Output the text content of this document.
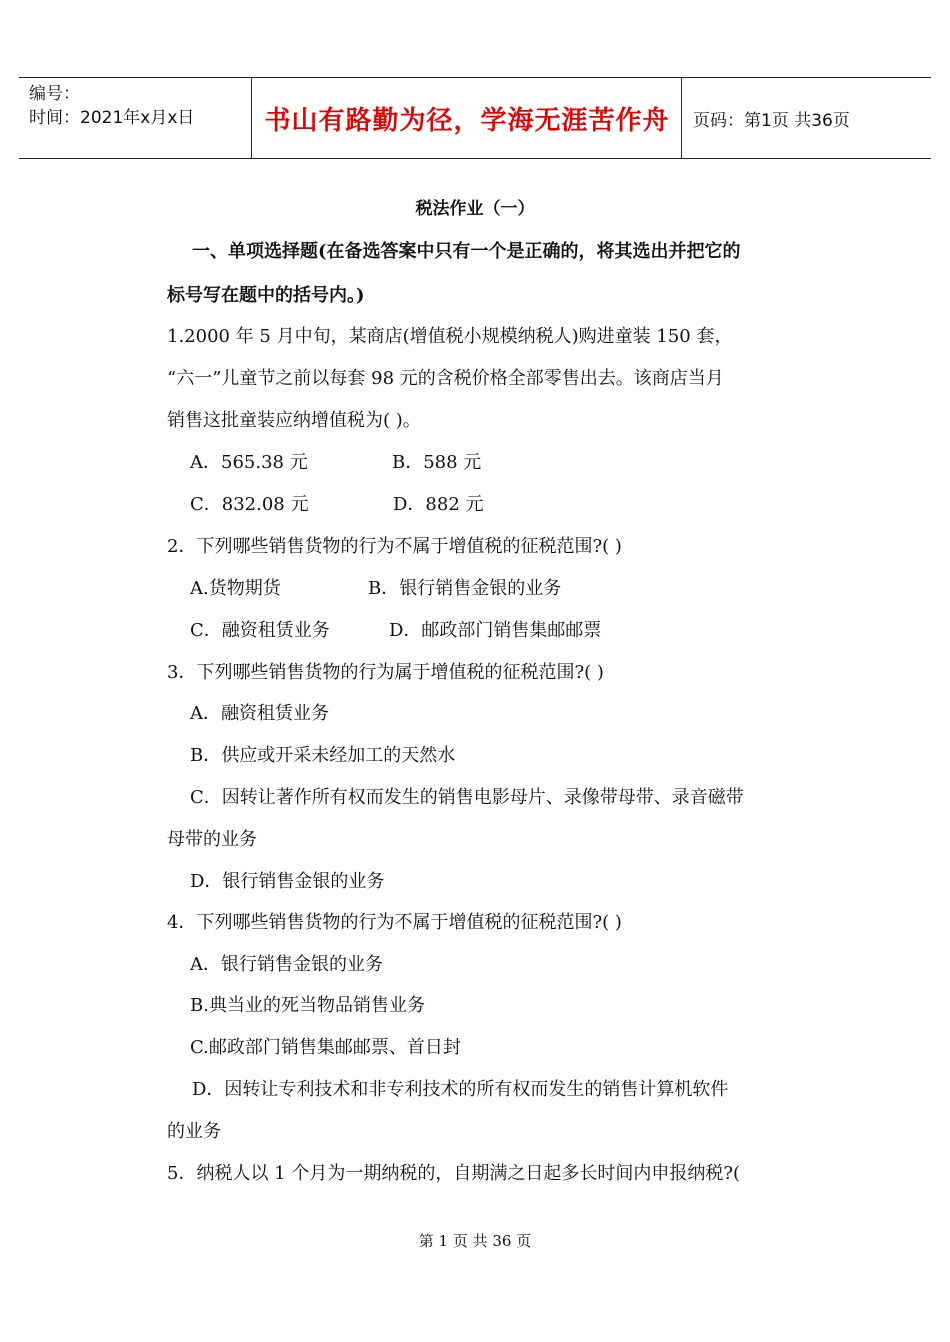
编号：
时间：2021年x月x日	书山有路勤为径，学海无涯苦作舟	页码：第1页 共36页
税法作业（一）
一、单项选择题(在备选答案中只有一个是正确的，将其选出并把它的
标号写在题中的括号内。)
1.2000 年 5 月中旬，某商店(增值税小规模纳税人)购进童装 150 套，
“六一”儿童节之前以每套 98 元的含税价格全部零售出去。该商店当月
销售这批童装应纳增值税为( )。
A．565.38 元	B．588 元
C．832.08 元	D．882 元
2．下列哪些销售货物的行为不属于增值税的征税范围?( )
A.货物期货	B．银行销售金银的业务
C．融资租赁业务	D．邮政部门销售集邮邮票
3．下列哪些销售货物的行为属于增值税的征税范围?( )
A．融资租赁业务
B．供应或开采未经加工的天然水
C．因转让著作所有权而发生的销售电影母片、录像带母带、录音磁带
母带的业务
D．银行销售金银的业务
4．下列哪些销售货物的行为不属于增值税的征税范围?( )
A．银行销售金银的业务
B.典当业的死当物品销售业务
C.邮政部门销售集邮邮票、首日封
D．因转让专利技术和非专利技术的所有权而发生的销售计算机软件
的业务
5．纳税人以 1 个月为一期纳税的，自期满之日起多长时间内申报纳税?(
第 1 页 共 36 页
